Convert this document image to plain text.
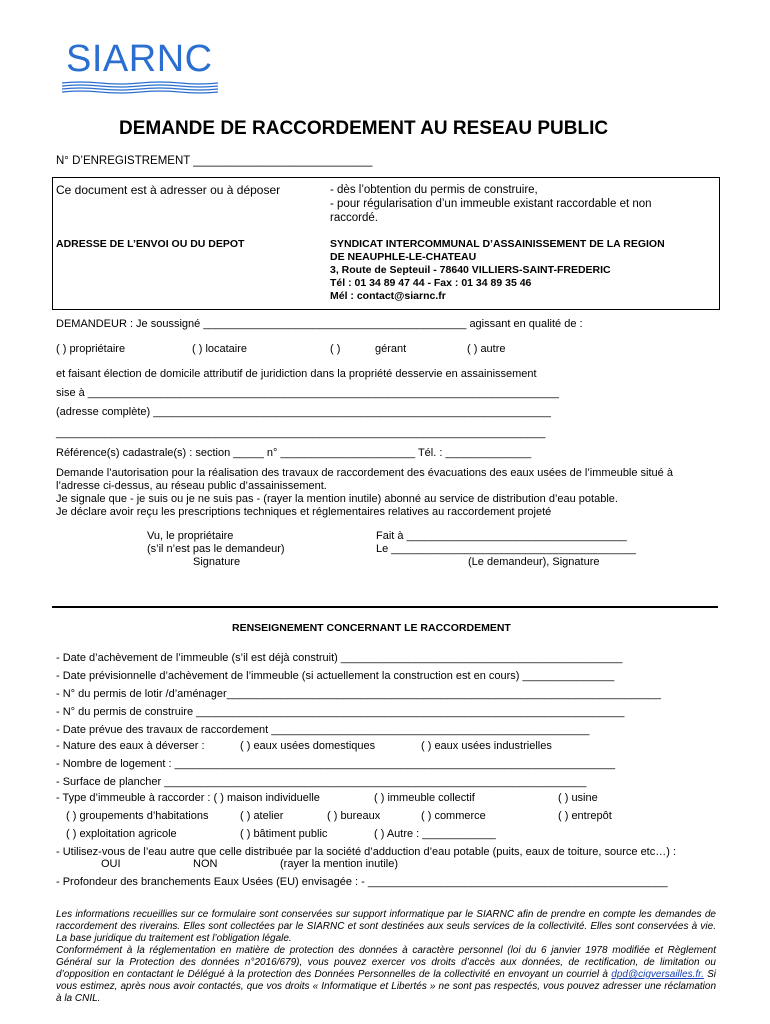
SIARNC
DEMANDE DE RACCORDEMENT AU RESEAU PUBLIC
N° D’ENREGISTREMENT ____________________________
Ce document est à adresser ou à déposer	- dès l’obtention du permis de construire,
- pour régularisation d’un immeuble existant raccordable et non
raccordé.
ADRESSE DE L’ENVOI OU DU DEPOT	SYNDICAT INTERCOMMUNAL D’ASSAINISSEMENT DE LA REGION
DE NEAUPHLE-LE-CHATEAU
3, Route de Septeuil - 78640 VILLIERS-SAINT-FREDERIC
Tél : 01 34 89 47 44 - Fax : 01 34 89 35 46
Mél : contact@siarnc.fr
DEMANDEUR : Je soussigné ___________________________________________ agissant en qualité de :
( ) propriétaire	( ) locataire	( )	gérant	( ) autre
et faisant élection de domicile attributif de juridiction dans la propriété desservie en assainissement
sise à _____________________________________________________________________________
(adresse complète) _________________________________________________________________
________________________________________________________________________________
Référence(s) cadastrale(s) : section _____ n° ______________________ Tél. : ______________
Demande l’autorisation pour la réalisation des travaux de raccordement des évacuations des eaux usées de l’immeuble situé à
l’adresse ci-dessus, au réseau public d’assainissement.
Je signale que - je suis ou je ne suis pas - (rayer la mention inutile) abonné au service de distribution d’eau potable.
Je déclare avoir reçu les prescriptions techniques et réglementaires relatives au raccordement projeté
Vu, le propriétaire
(s’il n’est pas le demandeur)
Signature
Fait à ____________________________________
Le ________________________________________
(Le demandeur), Signature
RENSEIGNEMENT CONCERNANT LE RACCORDEMENT
- Date d’achèvement de l’immeuble (s’il est déjà construit) ______________________________________________
- Date prévisionnelle d’achèvement de l’immeuble (si actuellement la construction est en cours) _______________
- N° du permis de lotir /d’aménager_______________________________________________________________________
- N° du permis de construire ______________________________________________________________________
- Date prévue des travaux de raccordement ____________________________________________________
- Nature des eaux à déverser :	( ) eaux usées domestiques	( ) eaux usées industrielles
- Nombre de logement : ________________________________________________________________________
- Surface de plancher _____________________________________________________________________
- Type d’immeuble à raccorder : ( ) maison individuelle	( ) immeuble collectif	( ) usine
( ) groupements d’habitations	( ) atelier	( ) bureaux	( ) commerce	( ) entrepôt
( ) exploitation agricole	( ) bâtiment public	( ) Autre : ____________
- Utilisez-vous de l’eau autre que celle distribuée par la société d’adduction d’eau potable (puits, eaux de toiture, source etc…) :
OUI	NON	(rayer la mention inutile)
- Profondeur des branchements Eaux Usées (EU) envisagée : - _________________________________________________
Les informations recueillies sur ce formulaire sont conservées sur support informatique par le SIARNC afin de prendre en compte les demandes de raccordement des riverains. Elles sont collectées par le SIARNC et sont destinées aux seuls services de la collectivité. Elles sont conservées à vie. La base juridique du traitement est l’obligation légale.
Conformément à la réglementation en matière de protection des données à caractère personnel (loi du 6 janvier 1978 modifiée et Règlement Général sur la Protection des données n°2016/679), vous pouvez exercer vos droits d’accès aux données, de rectification, de limitation ou d’opposition en contactant le Délégué à la protection des Données Personnelles de la collectivité en envoyant un courriel à dpd@cigversailles.fr. Si vous estimez, après nous avoir contactés, que vos droits « Informatique et Libertés » ne sont pas respectés, vous pouvez adresser une réclamation à la CNIL.
